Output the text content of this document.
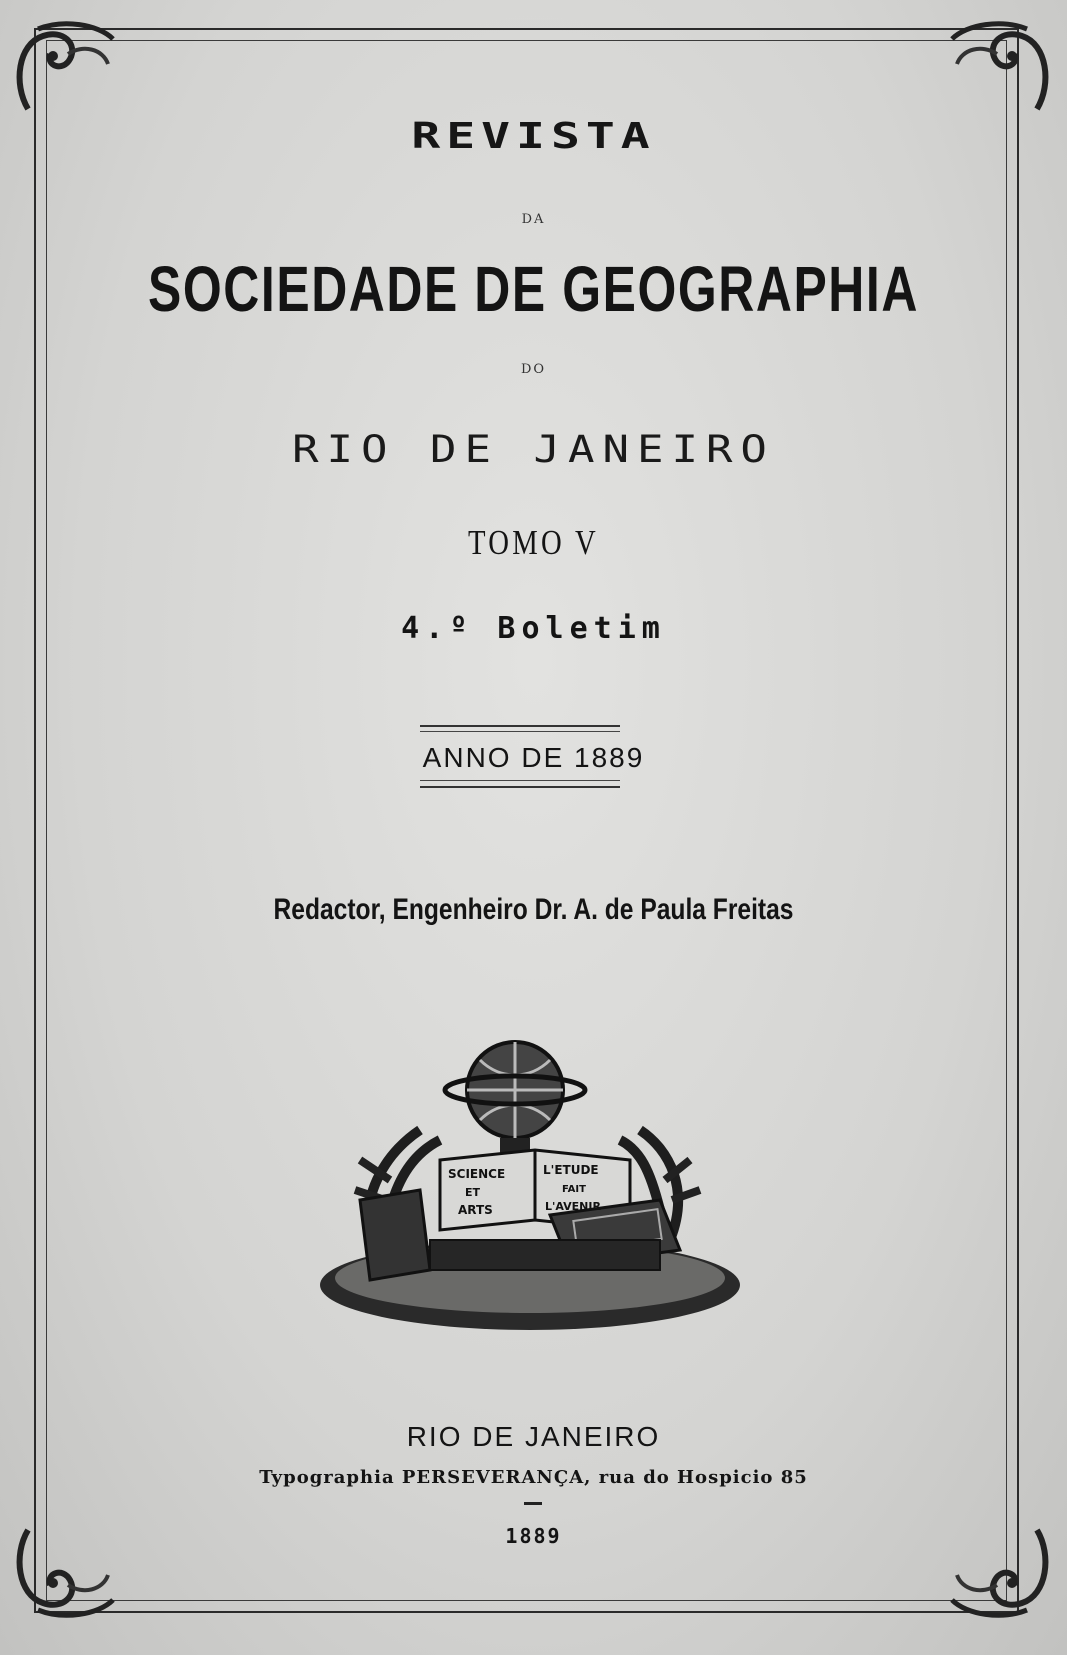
REVISTA
DA
SOCIEDADE DE GEOGRAPHIA
DO
RIO DE JANEIRO
TOMO V
4.º Boletim
ANNO DE 1889
Redactor, Engenheiro Dr. A. de Paula Freitas
SCIENCE
ET
ARTS
L'ETUDE
FAIT
L'AVENIR
RIO DE JANEIRO
Typographia PERSEVERANÇA, rua do Hospicio 85
1889
